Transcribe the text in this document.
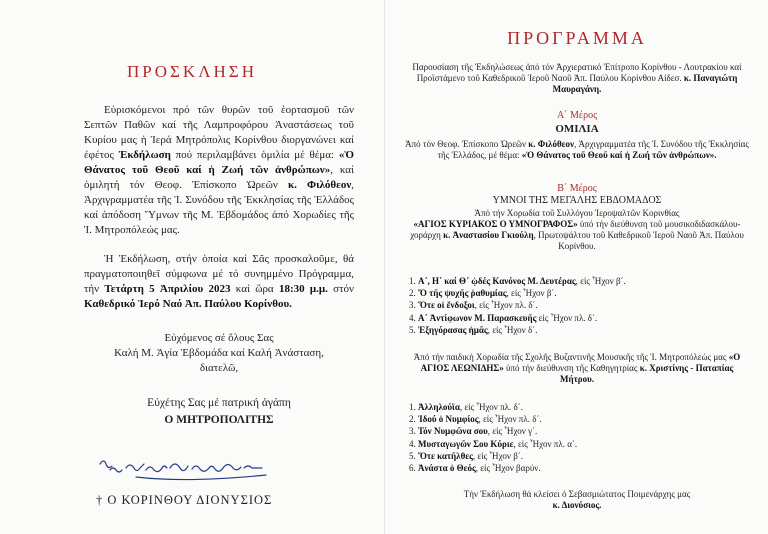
ΠΡΟΣΚΛΗΣΗ
Εὑρισκόμενοι πρό τῶν θυρῶν τοῦ ἑορτασμοῦ τῶν Σεπτῶν Παθῶν καί τῆς Λαμπροφόρου Ἀναστάσεως τοῦ Κυρίου μας ἡ Ἱερά Μητρόπολις Κορίνθου διοργανώνει καί ἐφέτος Ἐκδήλωση πού περιλαμβάνει ὁμιλία μέ θέμα: «Ὁ Θάνατος τοῦ Θεοῦ καί ἡ Ζωή τῶν ἀνθρώπων», καί ὁμιλητή τόν Θεοφ. Ἐπίσκοπο Ὠρεῶν κ. Φιλόθεον, Ἀρχιγραμματέα τῆς Ἱ. Συνόδου τῆς Ἐκκλησίας τῆς Ἑλλάδος καί ἀπόδοση Ὕμνων τῆς Μ. Ἑβδομάδος ἀπό Χορωδίες τῆς Ἱ. Μητροπόλεώς μας.
Ἡ Ἐκδήλωση, στήν ὁποία καί Σᾶς προσκαλοῦμε, θά πραγματοποιηθεῖ σύμφωνα μέ τό συνημμένο Πρόγραμμα, τήν Τετάρτη 5 Ἀπριλίου 2023 καί ὥρα 18:30 μ.μ. στόν Καθεδρικό Ἱερό Ναό Ἀπ. Παύλου Κορίνθου.
Εὐχόμενος σέ ὅλους Σας
Καλή Μ. Ἁγία Ἑβδομάδα καί Καλή Ἀνάσταση,
διατελῶ,
Εὐχέτης Σας μέ πατρική ἀγάπη
Ο ΜΗΤΡΟΠΟΛΙΤΗΣ
† Ο ΚΟΡΙΝΘΟΥ ΔΙΟΝΥΣΙΟΣ
ΠΡΟΓΡΑΜΜΑ
Παρουσίαση τῆς Ἐκδηλώσεως ἀπό τόν Ἀρχιερατικό Ἐπίτροπο Κορίνθου - Λουτρακίου καί Προϊστάμενο τοῦ Καθεδρικοῦ Ἱεροῦ Ναοῦ Ἀπ. Παύλου Κορίνθου Αἰδεσ. κ. Παναγιώτη Μαυραγάνη.
Α΄ Μέρος
ΟΜΙΛΙΑ
Ἀπό τόν Θεοφ. Ἐπίσκοπο Ὠρεῶν κ. Φιλόθεον, Ἀρχιγραμματέα τῆς Ἱ. Συνόδου τῆς Ἐκκλησίας τῆς Ἑλλάδος, μέ θέμα: «Ὁ Θάνατος τοῦ Θεοῦ καί ἡ Ζωή τῶν ἀνθρώπων».
Β΄ Μέρος
ΥΜΝΟΙ ΤΗΣ ΜΕΓΑΛΗΣ ΕΒΔΟΜΑΔΟΣ
Ἀπό τήν Χορωδία τοῦ Συλλόγου Ἱεροψαλτῶν Κορινθίας
«ΑΓΙΟΣ ΚΥΡΙΑΚΟΣ Ο ΥΜΝΟΓΡΑΦΟΣ» ὑπό τήν διεύθυνση τοῦ μουσικοδιδασκάλου-χοράρχη κ. Ἀναστασίου Γκιούλη, Πρωτοψάλτου τοῦ Καθεδρικοῦ Ἱεροῦ Ναοῦ Ἀπ. Παύλου Κορίνθου.
1. Α΄, Η΄ καί Θ΄ ᾠδές Κανόνος Μ. Δευτέρας, εἰς Ἦχον β΄.
2. Ὅ τῆς ψυχῆς ῥαθυμίας, εἰς Ἦχον β΄.
3. Ὅτε οἱ ἔνδοξοι, εἰς Ἦχον πλ. δ΄.
4. Α΄ Ἀντίφωνον Μ. Παρασκευῆς εἰς Ἦχον πλ. δ΄.
5. Ἐξηγόρασας ἡμᾶς, εἰς Ἦχον δ΄.
Ἀπό τήν παιδική Χορωδία τῆς Σχολῆς Βυζαντινῆς Μουσικῆς τῆς Ἱ. Μητροπόλεώς μας «Ο ΑΓΙΟΣ ΛΕΩΝΙΔΗΣ» ὑπό τήν διεύθυνση τῆς Καθηγητρίας κ. Χριστίνης - Παταπίας Μήτρου.
1. Ἀλληλούϊα, εἰς Ἦχον πλ. δ΄.
2. Ἰδού ὁ Νυμφίος, εἰς Ἦχον πλ. δ΄.
3. Τόν Νυμφῶνα σου, εἰς Ἦχον γ΄.
4. Μυσταγωγῶν Σου Κύριε, εἰς Ἦχον πλ. α΄.
5. Ὅτε κατῆλθες, εἰς Ἦχον β΄.
6. Ἀνάστα ὁ Θεός, εἰς Ἦχον βαρύν.
Τήν Ἐκδήλωση θά κλείσει ὁ Σεβασμιώτατος Ποιμενάρχης μας
κ. Διονύσιος.
